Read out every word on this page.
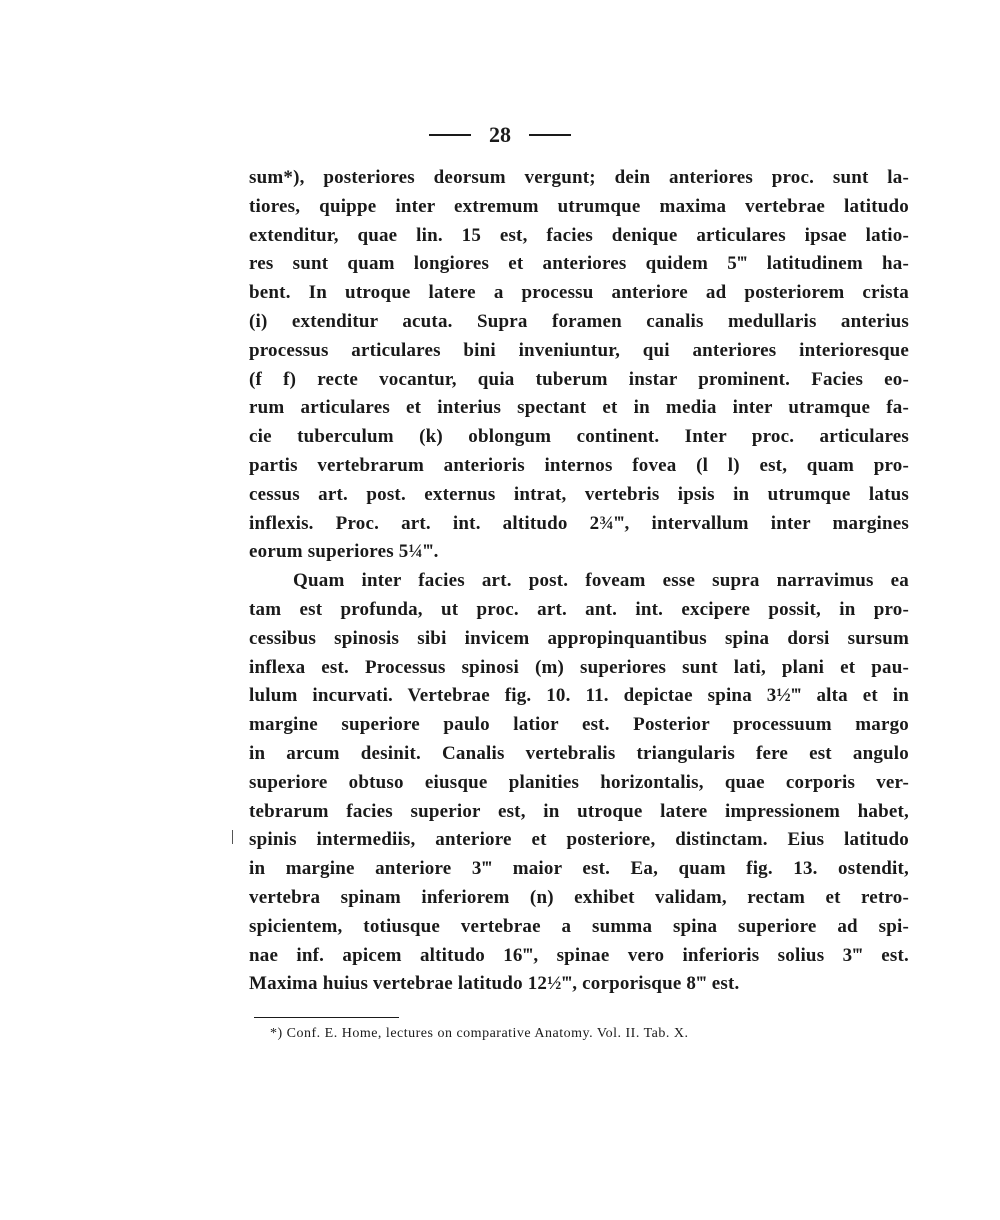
28

sum*), posteriores deorsum vergunt; dein anteriores proc. sunt la-

tiores, quippe inter extremum utrumque maxima vertebrae latitudo

extenditur, quae lin. 15 est, facies denique articulares ipsae latio-

res sunt quam longiores et anteriores quidem 5‴ latitudinem ha-

bent. In utroque latere a processu anteriore ad posteriorem crista

(i) extenditur acuta. Supra foramen canalis medullaris anterius

processus articulares bini inveniuntur, qui anteriores interioresque

(f f) recte vocantur, quia tuberum instar prominent. Facies eo-

rum articulares et interius spectant et in media inter utramque fa-

cie tuberculum (k) oblongum continent. Inter proc. articulares

partis vertebrarum anterioris internos fovea (l l) est, quam pro-

cessus art. post. externus intrat, vertebris ipsis in utrumque latus

inflexis. Proc. art. int. altitudo 2¾‴, intervallum inter margines

eorum superiores 5¼‴.

Quam inter facies art. post. foveam esse supra narravimus ea

tam est profunda, ut proc. art. ant. int. excipere possit, in pro-

cessibus spinosis sibi invicem appropinquantibus spina dorsi sursum

inflexa est. Processus spinosi (m) superiores sunt lati, plani et pau-

lulum incurvati. Vertebrae fig. 10. 11. depictae spina 3½‴ alta et in

margine superiore paulo latior est. Posterior processuum margo

in arcum desinit. Canalis vertebralis triangularis fere est angulo

superiore obtuso eiusque planities horizontalis, quae corporis ver-

tebrarum facies superior est, in utroque latere impressionem habet,

spinis intermediis, anteriore et posteriore, distinctam. Eius latitudo

in margine anteriore 3‴ maior est. Ea, quam fig. 13. ostendit,

vertebra spinam inferiorem (n) exhibet validam, rectam et retro-

spicientem, totiusque vertebrae a summa spina superiore ad spi-

nae inf. apicem altitudo 16‴, spinae vero inferioris solius 3‴ est.

Maxima huius vertebrae latitudo 12½‴, corporisque 8‴ est.

*) Conf. E. Home, lectures on comparative Anatomy. Vol. II. Tab. X.
